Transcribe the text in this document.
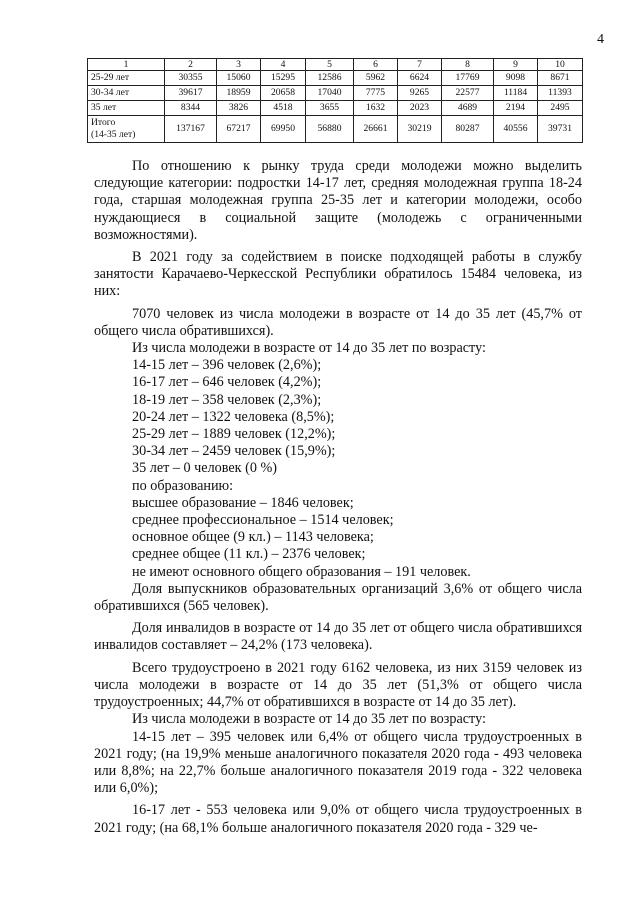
4
1	2	3	4	5	6	7	8	9	10
25-29 лет	30355	15060	15295	12586	5962	6624	17769	9098	8671
30-34 лет	39617	18959	20658	17040	7775	9265	22577	11184	11393
35 лет	8344	3826	4518	3655	1632	2023	4689	2194	2495

Итого
(14-35 лет)	137167	67217	69950	56880	26661	30219	80287	40556	39731

По отношению к рынку труда среди молодежи можно выделить следующие категории: подростки 14-17 лет, средняя молодежная группа 18-24 года, старшая молодежная группа 25-35 лет и категории молодежи, особо нуждающиеся в социальной защите (молодежь с ограниченными возможностями).

В 2021 году за содействием в поиске подходящей работы в службу занятости Карачаево-Черкесской Республики обратилось 15484 человека, из них:

7070 человек из числа молодежи в возрасте от 14 до 35 лет (45,7% от общего числа обратившихся).

Из числа молодежи в возрасте от 14 до 35 лет по возрасту:

14-15 лет – 396 человек (2,6%);

16-17 лет – 646 человек (4,2%);

18-19 лет – 358 человек (2,3%);

20-24 лет – 1322 человека (8,5%);

25-29 лет – 1889 человек (12,2%);

30-34 лет – 2459 человек (15,9%);

35 лет – 0 человек (0 %)

по образованию:

высшее образование – 1846 человек;

среднее профессиональное – 1514 человек;

основное общее (9 кл.) – 1143 человека;

среднее общее (11 кл.) – 2376 человек;

не имеют основного общего образования – 191 человек.

Доля выпускников образовательных организаций 3,6% от общего числа обратившихся (565 человек).

Доля инвалидов в возрасте от 14 до 35 лет от общего числа обратившихся инвалидов составляет – 24,2% (173 человека).

Всего трудоустроено в 2021 году 6162 человека, из них 3159 человек из числа молодежи в возрасте от 14 до 35 лет (51,3% от общего числа трудоустроенных; 44,7% от обратившихся в возрасте от 14 до 35 лет).

Из числа молодежи в возрасте от 14 до 35 лет по возрасту:

14-15 лет – 395 человек или 6,4% от общего числа трудоустроенных в 2021 году; (на 19,9% меньше аналогичного показателя 2020 года - 493 человека или 8,8%; на 22,7% больше аналогичного показателя 2019 года - 322 человека или 6,0%);

16-17 лет - 553 человека или 9,0% от общего числа трудоустроенных в 2021 году; (на 68,1% больше аналогичного показателя 2020 года - 329 че-
